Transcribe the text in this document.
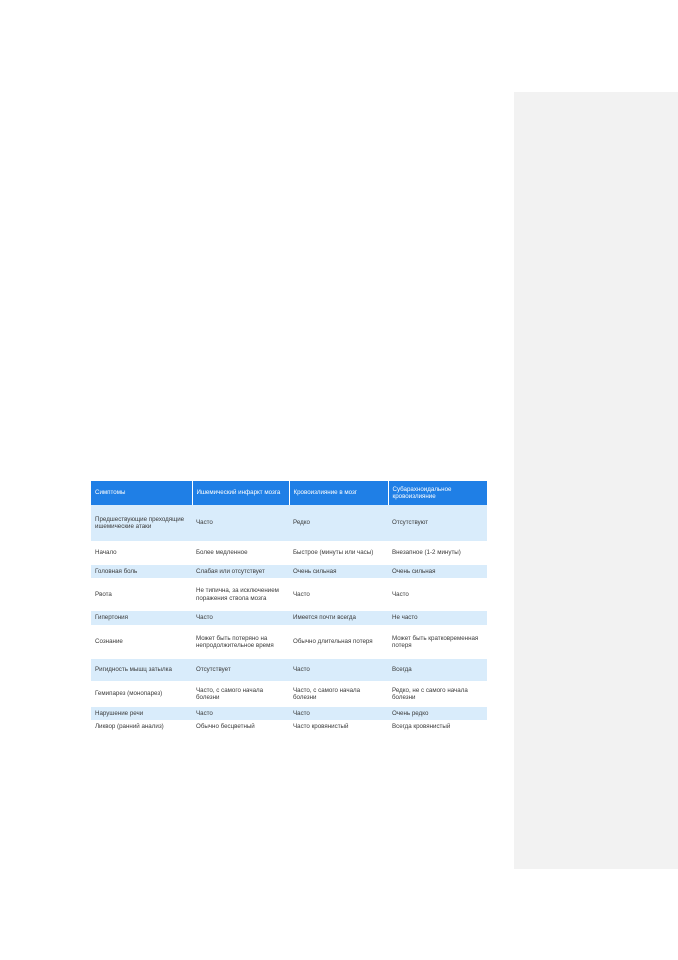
Симптомы	Ишемический инфаркт мозга	Кровоизлияние в мозг	Субарахноидальное кровоизлияние
Предшествующие преходящие ишемические атаки	Часто	Редко	Отсутствуют
Начало	Более медленное	Быстрое (минуты или часы)	Внезапное (1-2 минуты)
Головная боль	Слабая или отсутствует	Очень сильная	Очень сильная
Рвота	Не типична, за исключением поражения ствола мозга	Часто	Часто
Гипертония	Часто	Имеется почти всегда	Не часто
Сознание	Может быть потеряно на непродолжительное время	Обычно длительная потеря	Может быть кратковременная потеря
Ригидность мышц затылка	Отсутствует	Часто	Всегда
Гемипарез (монопарез)	Часто, с самого начала болезни	Часто, с самого начала болезни	Редко, не с самого начала болезни
Нарушение речи	Часто	Часто	Очень редко
Ликвор (ранний анализ)	Обычно бесцветный	Часто кровянистый	Всегда кровянистый
